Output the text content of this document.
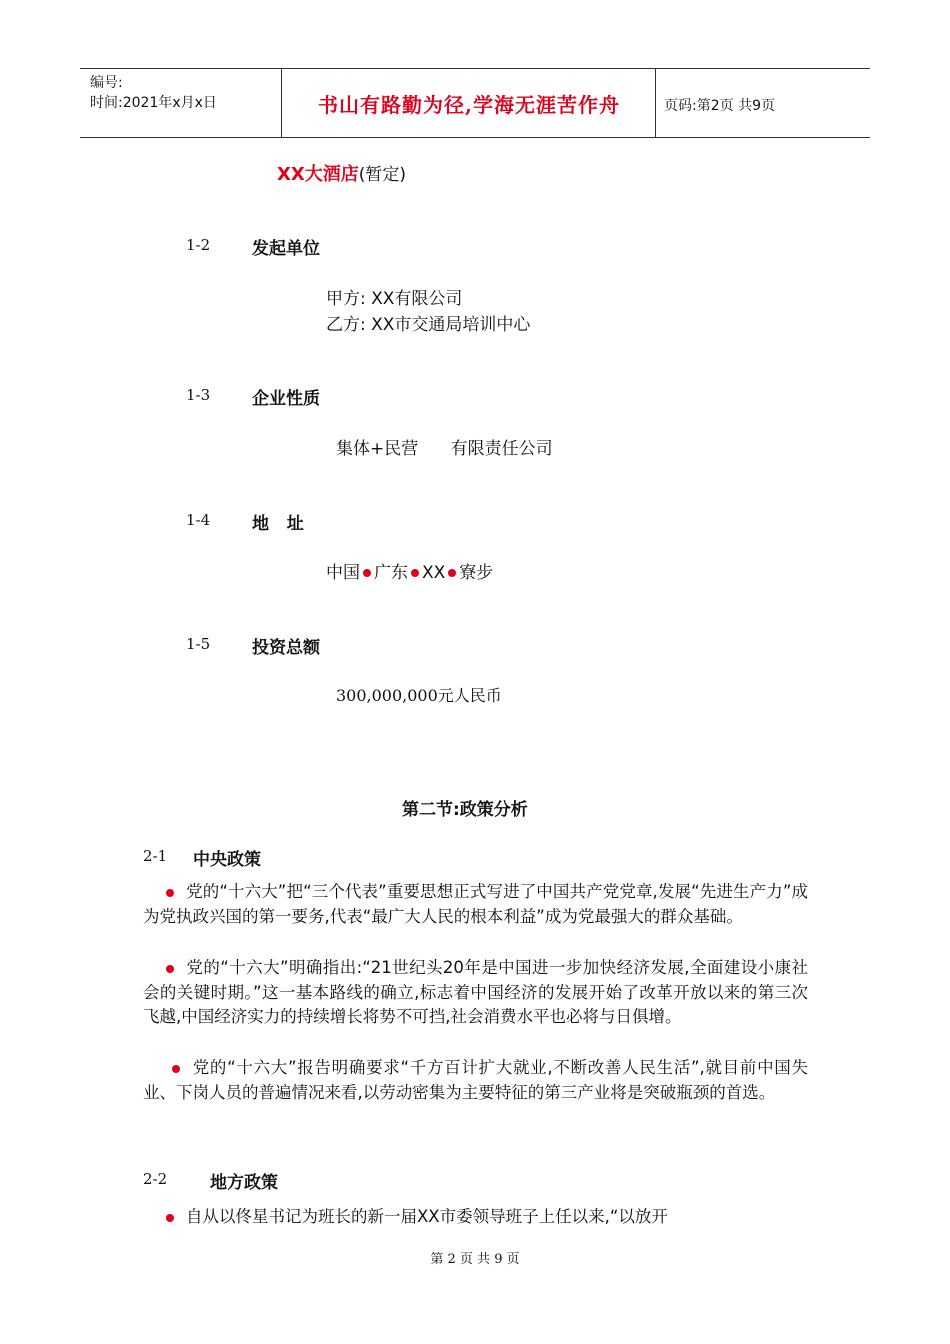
编号:
时间:2021年x月x日	书山有路勤为径,学海无涯苦作舟	页码:第2页 共9页
XX大酒店(暂定)
1-2 发起单位
甲方: XX有限公司
乙方: XX市交通局培训中心
1-3 企业性质
集体+民营      有限责任公司
1-4 地   址
中国 广东 XX 寮步
1-5 投资总额
300,000,000元人民币
第二节:政策分析
2-1 中央政策
党的“十六大”把“三个代表”重要思想正式写进了中国共产党党章,发展“先进生产力”成为党执政兴国的第一要务,代表“最广大人民的根本利益”成为党最强大的群众基础。
党的“十六大”明确指出:“21世纪头20年是中国进一步加快经济发展,全面建设小康社会的关键时期。”这一基本路线的确立,标志着中国经济的发展开始了改革开放以来的第三次飞越,中国经济实力的持续增长将势不可挡,社会消费水平也必将与日俱增。
党的“十六大”报告明确要求“千方百计扩大就业,不断改善人民生活”,就目前中国失业、下岗人员的普遍情况来看,以劳动密集为主要特征的第三产业将是突破瓶颈的首选。
2-2	地方政策
自从以佟星书记为班长的新一届XX市委领导班子上任以来,“以放开
第 2 页 共 9 页
